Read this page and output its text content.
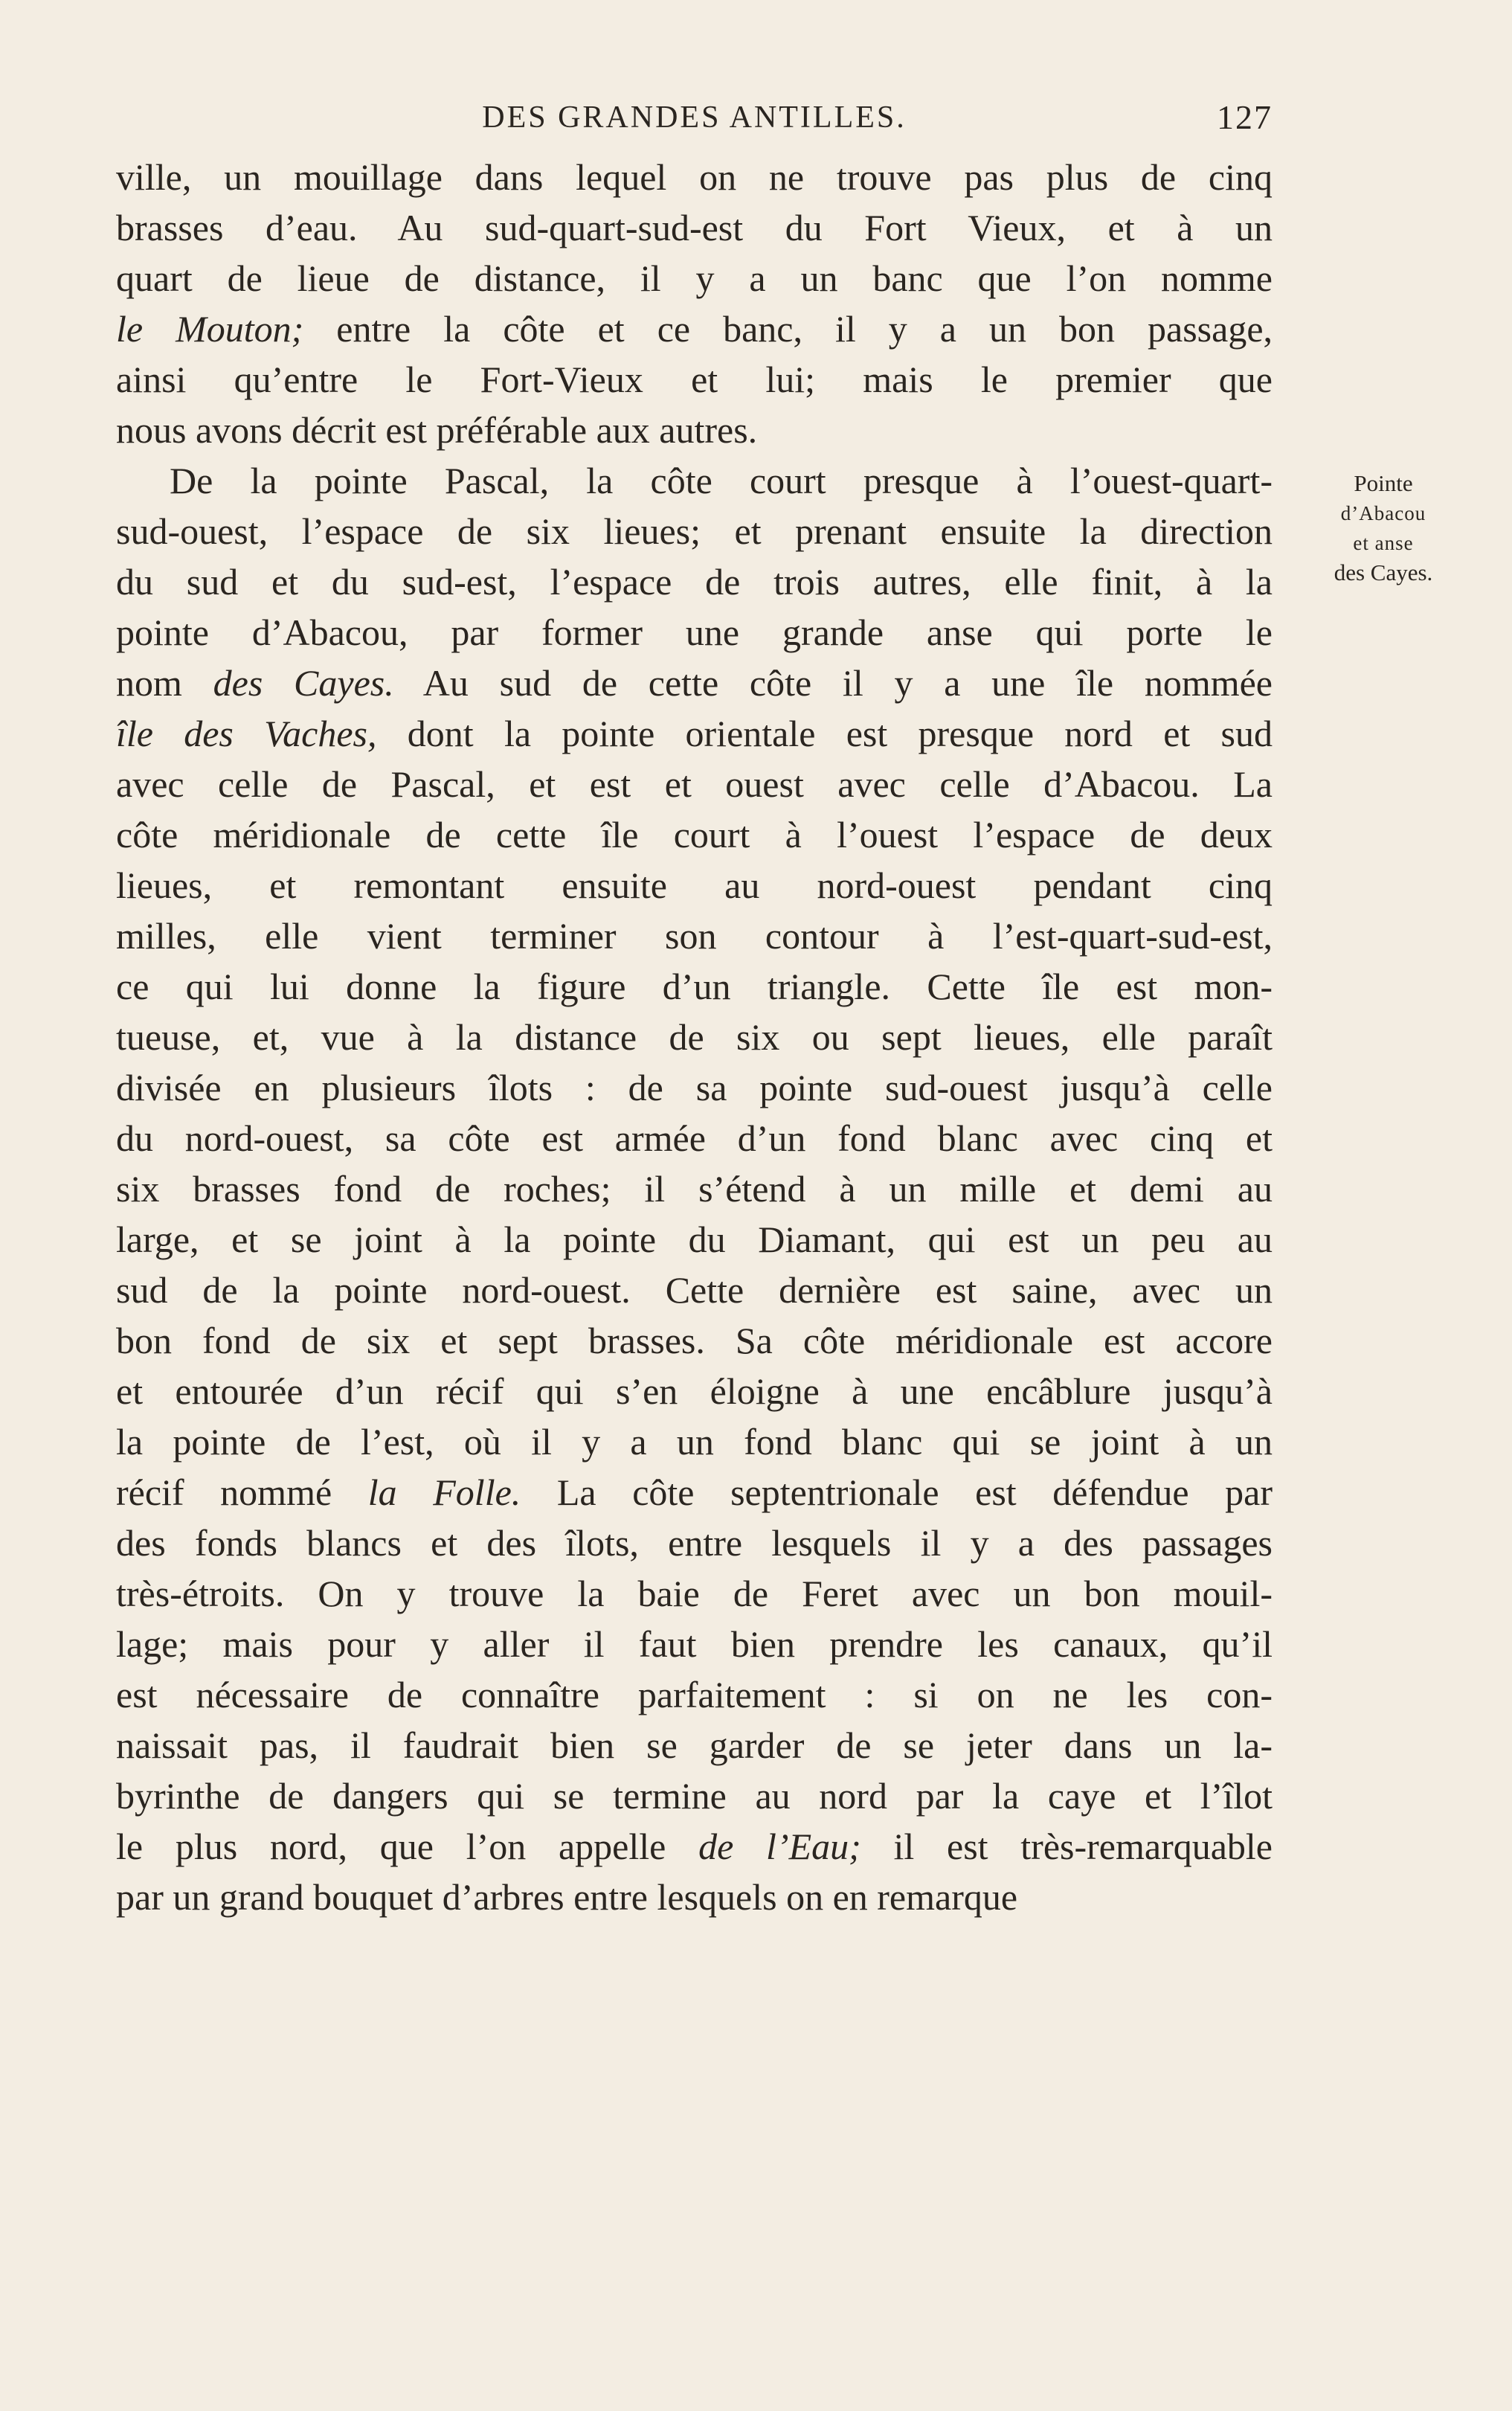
DES GRANDES ANTILLES.	127
ville, un mouillage dans lequel on ne trouve pas plus de cinq
brasses d’eau. Au sud-quart-sud-est du Fort Vieux, et à un
quart de lieue de distance, il y a un banc que l’on nomme
le Mouton; entre la côte et ce banc, il y a un bon passage,
ainsi qu’entre le Fort-Vieux et lui; mais le premier que
nous avons décrit est préférable aux autres.
De la pointe Pascal, la côte court presque à l’ouest-quart-
sud-ouest, l’espace de six lieues; et prenant ensuite la direction
du sud et du sud-est, l’espace de trois autres, elle finit, à la
pointe d’Abacou, par former une grande anse qui porte le
nom des Cayes. Au sud de cette côte il y a une île nommée
île des Vaches, dont la pointe orientale est presque nord et sud
avec celle de Pascal, et est et ouest avec celle d’Abacou. La
côte méridionale de cette île court à l’ouest l’espace de deux
lieues, et remontant ensuite au nord-ouest pendant cinq
milles, elle vient terminer son contour à l’est-quart-sud-est,
ce qui lui donne la figure d’un triangle. Cette île est mon-
tueuse, et, vue à la distance de six ou sept lieues, elle paraît
divisée en plusieurs îlots : de sa pointe sud-ouest jusqu’à celle
du nord-ouest, sa côte est armée d’un fond blanc avec cinq et
six brasses fond de roches; il s’étend à un mille et demi au
large, et se joint à la pointe du Diamant, qui est un peu au
sud de la pointe nord-ouest. Cette dernière est saine, avec un
bon fond de six et sept brasses. Sa côte méridionale est accore
et entourée d’un récif qui s’en éloigne à une encâblure jusqu’à
la pointe de l’est, où il y a un fond blanc qui se joint à un
récif nommé la Folle. La côte septentrionale est défendue par
des fonds blancs et des îlots, entre lesquels il y a des passages
très-étroits. On y trouve la baie de Feret avec un bon mouil-
lage; mais pour y aller il faut bien prendre les canaux, qu’il
est nécessaire de connaître parfaitement : si on ne les con-
naissait pas, il faudrait bien se garder de se jeter dans un la-
byrinthe de dangers qui se termine au nord par la caye et l’îlot
le plus nord, que l’on appelle de l’Eau; il est très-remarquable
par un grand bouquet d’arbres entre lesquels on en remarque
Pointe
d’Abacou
et anse
des Cayes.
